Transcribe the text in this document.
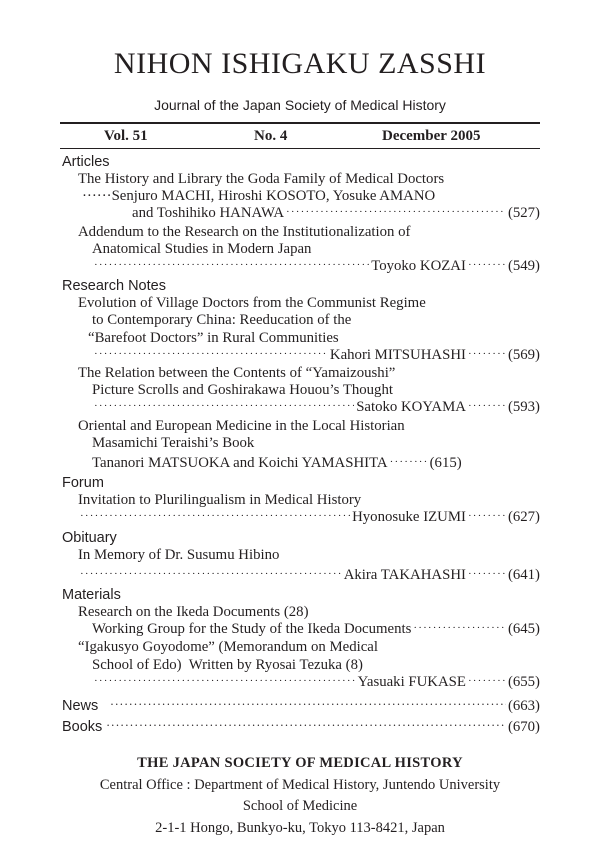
NIHON ISHIGAKU ZASSHI
Journal of the Japan Society of Medical History
Vol. 51	No. 4	December 2005
Articles
The History and Library the Goda Family of Medical Doctors
······Senjuro MACHI, Hiroshi KOSOTO, Yosuke AMANO
and Toshihiko HANAWA ·····	(527)
Addendum to the Research on the Institutionalization of
Anatomical Studies in Modern Japan
·····
Toyoko KOZAI ·····	(549)
Research Notes
Evolution of Village Doctors from the Communist Regime
to Contemporary China: Reeducation of the
“Barefoot Doctors” in Rural Communities
·····
Kahori MITSUHASHI ·····	(569)
The Relation between the Contents of “Yamaizoushi”
Picture Scrolls and Goshirakawa Houou’s Thought
·····
Satoko KOYAMA ·····	(593)
Oriental and European Medicine in the Local Historian
Masamichi Teraishi’s Book
Tananori MATSUOKA and Koichi YAMASHITA ·····	(615)
Forum
Invitation to Plurilingualism in Medical History
·····
Hyonosuke IZUMI ·····	(627)
Obituary
In Memory of Dr. Susumu Hibino
·····
Akira TAKAHASHI ·····	(641)
Materials
Research on the Ikeda Documents (28)
Working Group for the Study of the Ikeda Documents ·····	(645)
“Igakusyo Goyodome” (Memorandum on Medical
School of Edo)  Written by Ryosai Tezuka (8)
·····
Yasuaki FUKASE ·····	(655)
News ·····	(663)
Books ·····	(670)
THE JAPAN SOCIETY OF MEDICAL HISTORY
Central Office : Department of Medical History, Juntendo University
School of Medicine
2-1-1 Hongo, Bunkyo-ku, Tokyo 113-8421, Japan
